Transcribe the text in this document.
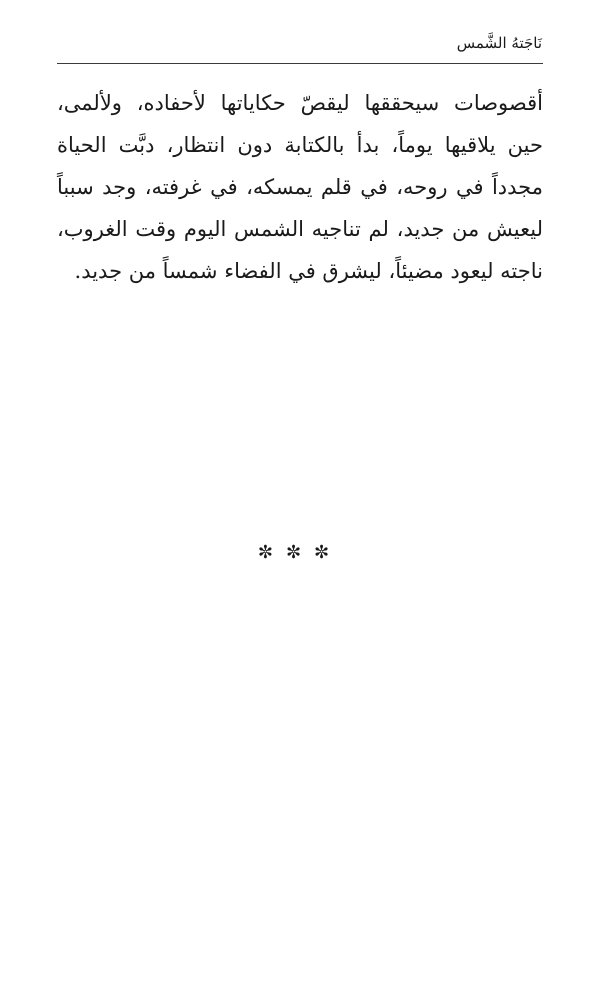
نَاجَتهُ الشَّمس

أقصوصات سيحققها ليقصّ حكاياتها لأحفاده، ولألمى، حين يلاقيها يوماً، بدأ بالكتابة دون انتظار، دبَّت الحياة مجدداً في روحه، في قلم يمسكه، في غرفته، وجد سبباً ليعيش من جديد، لم تناجيه الشمس اليوم وقت الغروب، ناجته ليعود مضيئاً، ليشرق في الفضاء شمساً من جديد.

✼✼✼
